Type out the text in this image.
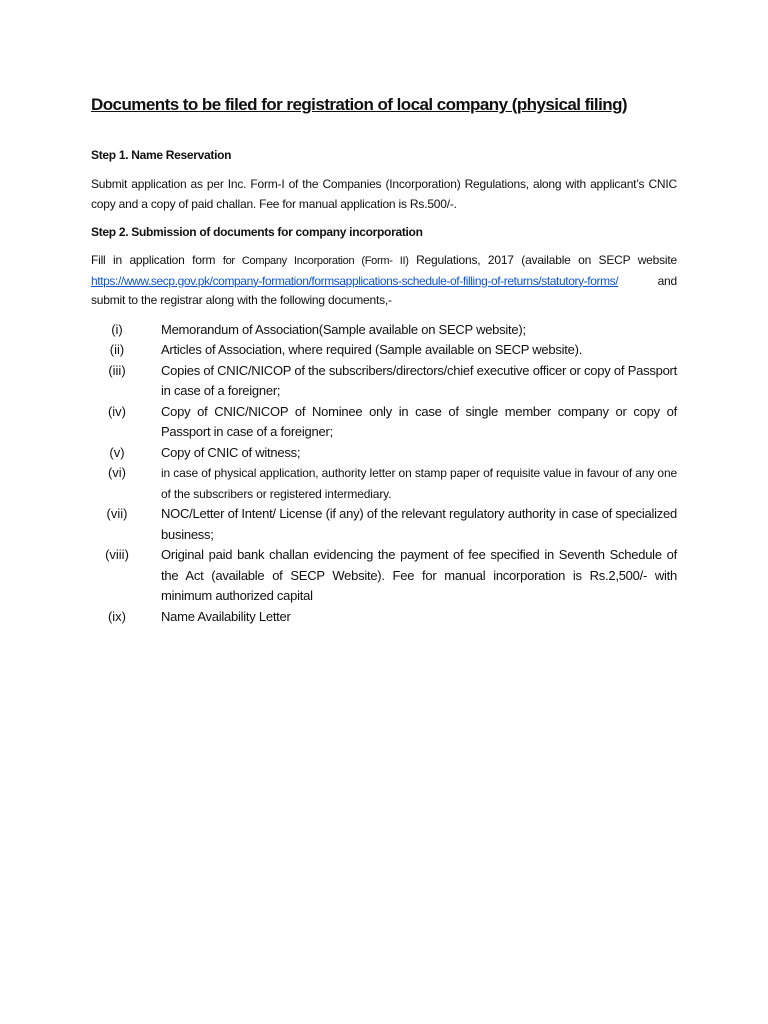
Documents to be filed for registration of local company (physical filing)
Step 1. Name Reservation

Submit application as per Inc. Form-I of the Companies (Incorporation) Regulations, along with applicant’s CNIC copy and a copy of paid challan. Fee for manual application is Rs.500/-.

Step 2. Submission of documents for company incorporation

Fill in application form for Company Incorporation (Form- II) Regulations, 2017 (available on SECP website https://www.secp.gov.pk/company-formation/formsapplications-schedule-of-filling-of-returns/statutory-forms/	and submit to the registrar along with the following documents,-

(i)	Memorandum of Association(Sample available on SECP website);
(ii)	Articles of Association, where required (Sample available on SECP website).
(iii)	Copies of CNIC/NICOP of the subscribers/directors/chief executive officer or copy of Passport in case of a foreigner;
(iv)	Copy of CNIC/NICOP of Nominee only in case of single member company or copy of Passport in case of a foreigner;
(v)	Copy of CNIC of witness;
(vi)	in case of physical application, authority letter on stamp paper of requisite value in favour of any one of the subscribers or registered intermediary.
(vii)	NOC/Letter of Intent/ License (if any) of the relevant regulatory authority in case of specialized business;
(viii)	Original paid bank challan evidencing the payment of fee specified in Seventh Schedule of the Act (available of SECP Website). Fee for manual incorporation is Rs.2,500/- with minimum authorized capital
(ix)	Name Availability Letter
